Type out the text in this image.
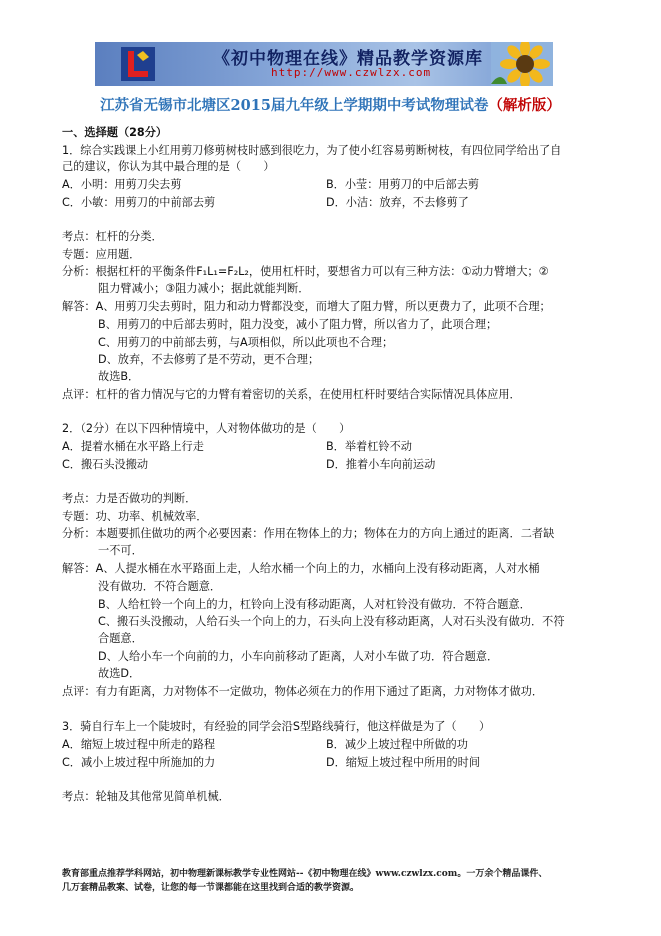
《初中物理在线》精品教学资源库
http://www.czwlzx.com
江苏省无锡市北塘区2015届九年级上学期期中考试物理试卷（解析版）
一、选择题（28分）
1．综合实践课上小红用剪刀修剪树枝时感到很吃力，为了使小红容易剪断树枝，有四位同学给出了自
己的建议，你认为其中最合理的是（　　）
A．小明：用剪刀尖去剪	B．小莹：用剪刀的中后部去剪
C．小敏：用剪刀的中前部去剪	D．小洁：放弃，不去修剪了
考点：杠杆的分类．
专题：应用题．
分析：根据杠杆的平衡条件F₁L₁=F₂L₂，使用杠杆时，要想省力可以有三种方法：①动力臂增大；②
阻力臂减小；③阻力减小；据此就能判断．
解答：A、用剪刀尖去剪时，阻力和动力臂都没变，而增大了阻力臂，所以更费力了，此项不合理；
B、用剪刀的中后部去剪时，阻力没变，减小了阻力臂，所以省力了，此项合理；
C、用剪刀的中前部去剪，与A项相似，所以此项也不合理；
D、放弃，不去修剪了是不劳动，更不合理；
故选B．
点评：杠杆的省力情况与它的力臂有着密切的关系，在使用杠杆时要结合实际情况具体应用．
2．（2分）在以下四种情境中，人对物体做功的是（　　）
A．提着水桶在水平路上行走	B．举着杠铃不动
C．搬石头没搬动	D．推着小车向前运动
考点：力是否做功的判断．
专题：功、功率、机械效率．
分析：本题要抓住做功的两个必要因素：作用在物体上的力；物体在力的方向上通过的距离．二者缺
一不可．
解答：A、人提水桶在水平路面上走，人给水桶一个向上的力，水桶向上没有移动距离，人对水桶
没有做功．不符合题意．
B、人给杠铃一个向上的力，杠铃向上没有移动距离，人对杠铃没有做功．不符合题意．
C、搬石头没搬动，人给石头一个向上的力，石头向上没有移动距离，人对石头没有做功．不符
合题意．
D、人给小车一个向前的力，小车向前移动了距离，人对小车做了功．符合题意．
故选D．
点评：有力有距离，力对物体不一定做功，物体必须在力的作用下通过了距离，力对物体才做功．
3．骑自行车上一个陡坡时，有经验的同学会沿S型路线骑行，他这样做是为了（　　）
A．缩短上坡过程中所走的路程	B．减少上坡过程中所做的功
C．减小上坡过程中所施加的力	D．缩短上坡过程中所用的时间
考点：轮轴及其他常见简单机械．
教育部重点推荐学科网站，初中物理新课标教学专业性网站--《初中物理在线》www.czwlzx.com。一万余个精品课件、
几万套精品教案、试卷，让您的每一节课都能在这里找到合适的教学资源。
